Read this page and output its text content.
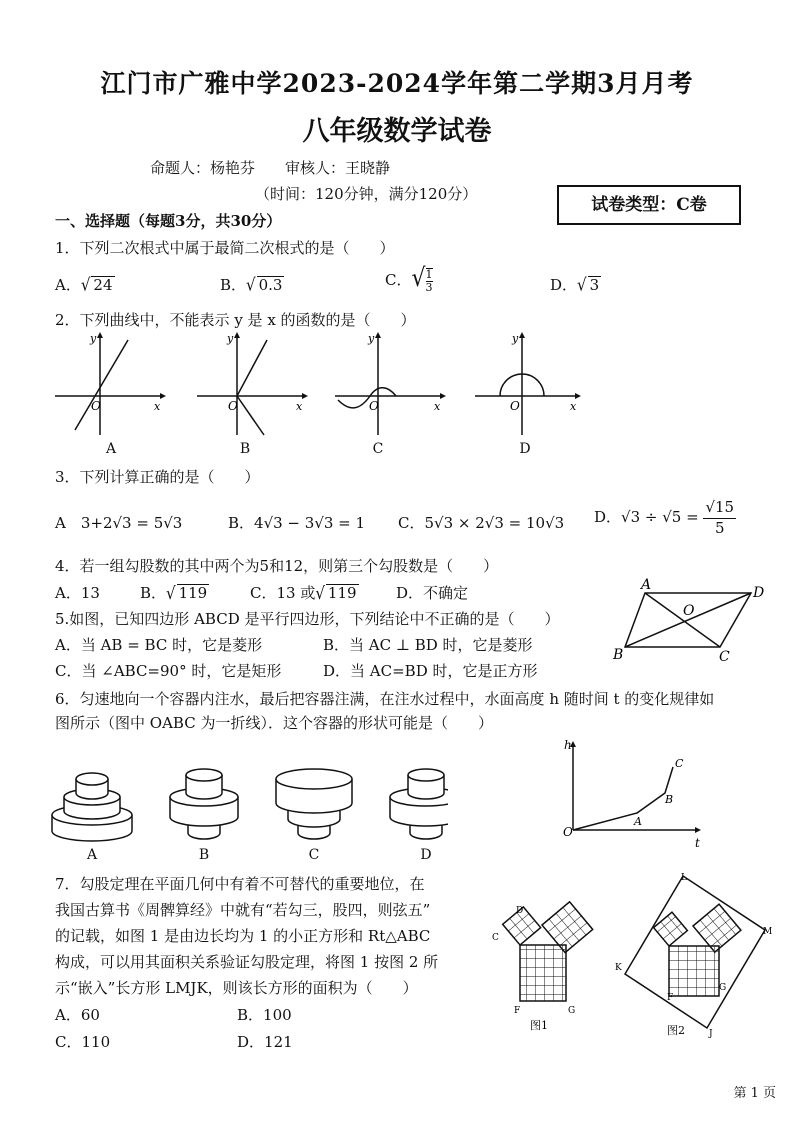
江门市广雅中学2023-2024学年第二学期3月月考
八年级数学试卷
命题人：杨艳芬　　审核人：王晓静
（时间：120分钟，满分120分）
试卷类型：C卷
一、选择题（每题3分，共30分）
1．下列二次根式中属于最简二次根式的是（　　）
A．√ 24	B．√ 0.3	C．√ $\frac{1}{3}$	D．√ 3
2．下列曲线中，不能表示 y 是 x 的函数的是（　　）
O	x
y
O	x
y
O	x
y
O	x
y
A	B	C	D
3．下列计算正确的是（　　）
A　3+2√3 = 5√3	B．4√3 − 3√3 = 1 C．5√3 × 2√3 = 10√3 D．$√3 \div √5 = \frac{√15}{5}$
4．若一组勾股数的其中两个为5和12，则第三个勾股数是（　　）
A．13	B．√ 119	C．13 或√ 119	D．不确定
5.如图，已知四边形 ABCD 是平行四边形，下列结论中不正确的是（　　）
A．当 AB = BC 时，它是菱形	B．当 AC ⊥ BD 时，它是菱形
C．当 ∠ABC=90° 时，它是矩形	D．当 AC=BD 时，它是正方形
A	D
B	C
O
6．匀速地向一个容器内注水，最后把容器注满，在注水过程中，水面高度 h 随时间 t 的变化规律如
图所示（图中 OABC 为一折线）．这个容器的形状可能是（　　）
A	B	C	D
h
t
O
A
B
C
7．勾股定理在平面几何中有着不可替代的重要地位，在
我国古算书《周髀算经》中就有“若勾三，股四，则弦五”
的记载，如图 1 是由边长均为 1 的小正方形和 Rt△ABC
构成，可以用其面积关系验证勾股定理，将图 1 按图 2 所
示“嵌入”长方形 LMJK，则该长方形的面积为（　　）
A．60	B．100
C．110	D．121
D
C
F	G
图1
L
M
K
J
F
G
图2
第 1 页
